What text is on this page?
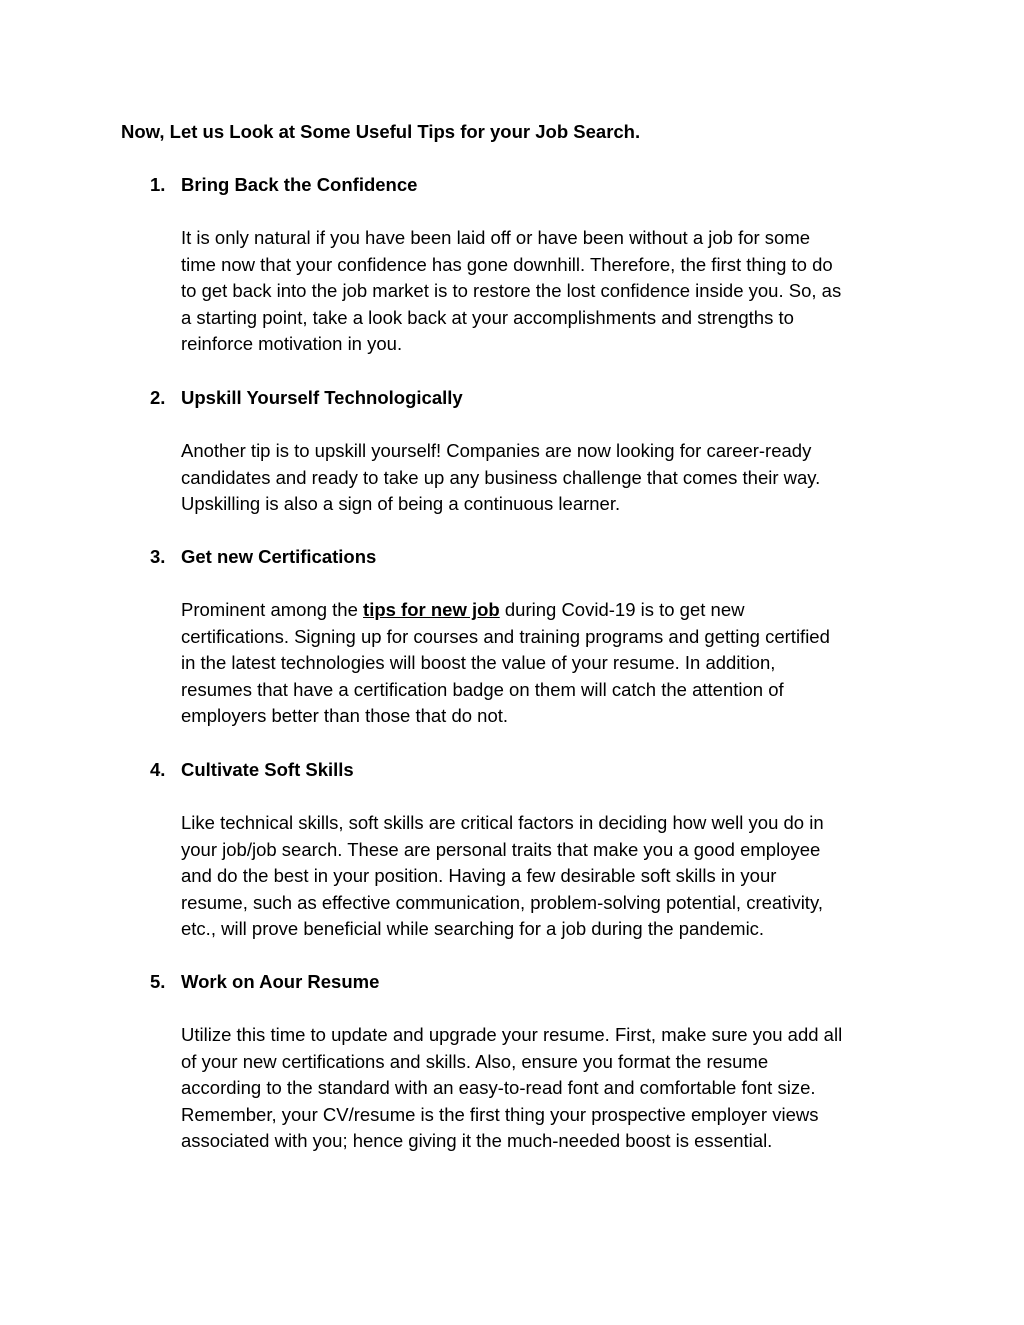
Now, Let us Look at Some Useful Tips for your Job Search.
1. Bring Back the Confidence

It is only natural if you have been laid off or have been without a job for some
time now that your confidence has gone downhill. Therefore, the first thing to do
to get back into the job market is to restore the lost confidence inside you. So, as
a starting point, take a look back at your accomplishments and strengths to
reinforce motivation in you.

2. Upskill Yourself Technologically

Another tip is to upskill yourself! Companies are now looking for career-ready
candidates and ready to take up any business challenge that comes their way.
Upskilling is also a sign of being a continuous learner.

3. Get new Certifications

Prominent among the tips for new job during Covid-19 is to get new
certifications. Signing up for courses and training programs and getting certified
in the latest technologies will boost the value of your resume. In addition,
resumes that have a certification badge on them will catch the attention of
employers better than those that do not.

4. Cultivate Soft Skills

Like technical skills, soft skills are critical factors in deciding how well you do in
your job/job search. These are personal traits that make you a good employee
and do the best in your position. Having a few desirable soft skills in your
resume, such as effective communication, problem-solving potential, creativity,
etc., will prove beneficial while searching for a job during the pandemic.

5. Work on Aour Resume

Utilize this time to update and upgrade your resume. First, make sure you add all
of your new certifications and skills. Also, ensure you format the resume
according to the standard with an easy-to-read font and comfortable font size.
Remember, your CV/resume is the first thing your prospective employer views
associated with you; hence giving it the much-needed boost is essential.
